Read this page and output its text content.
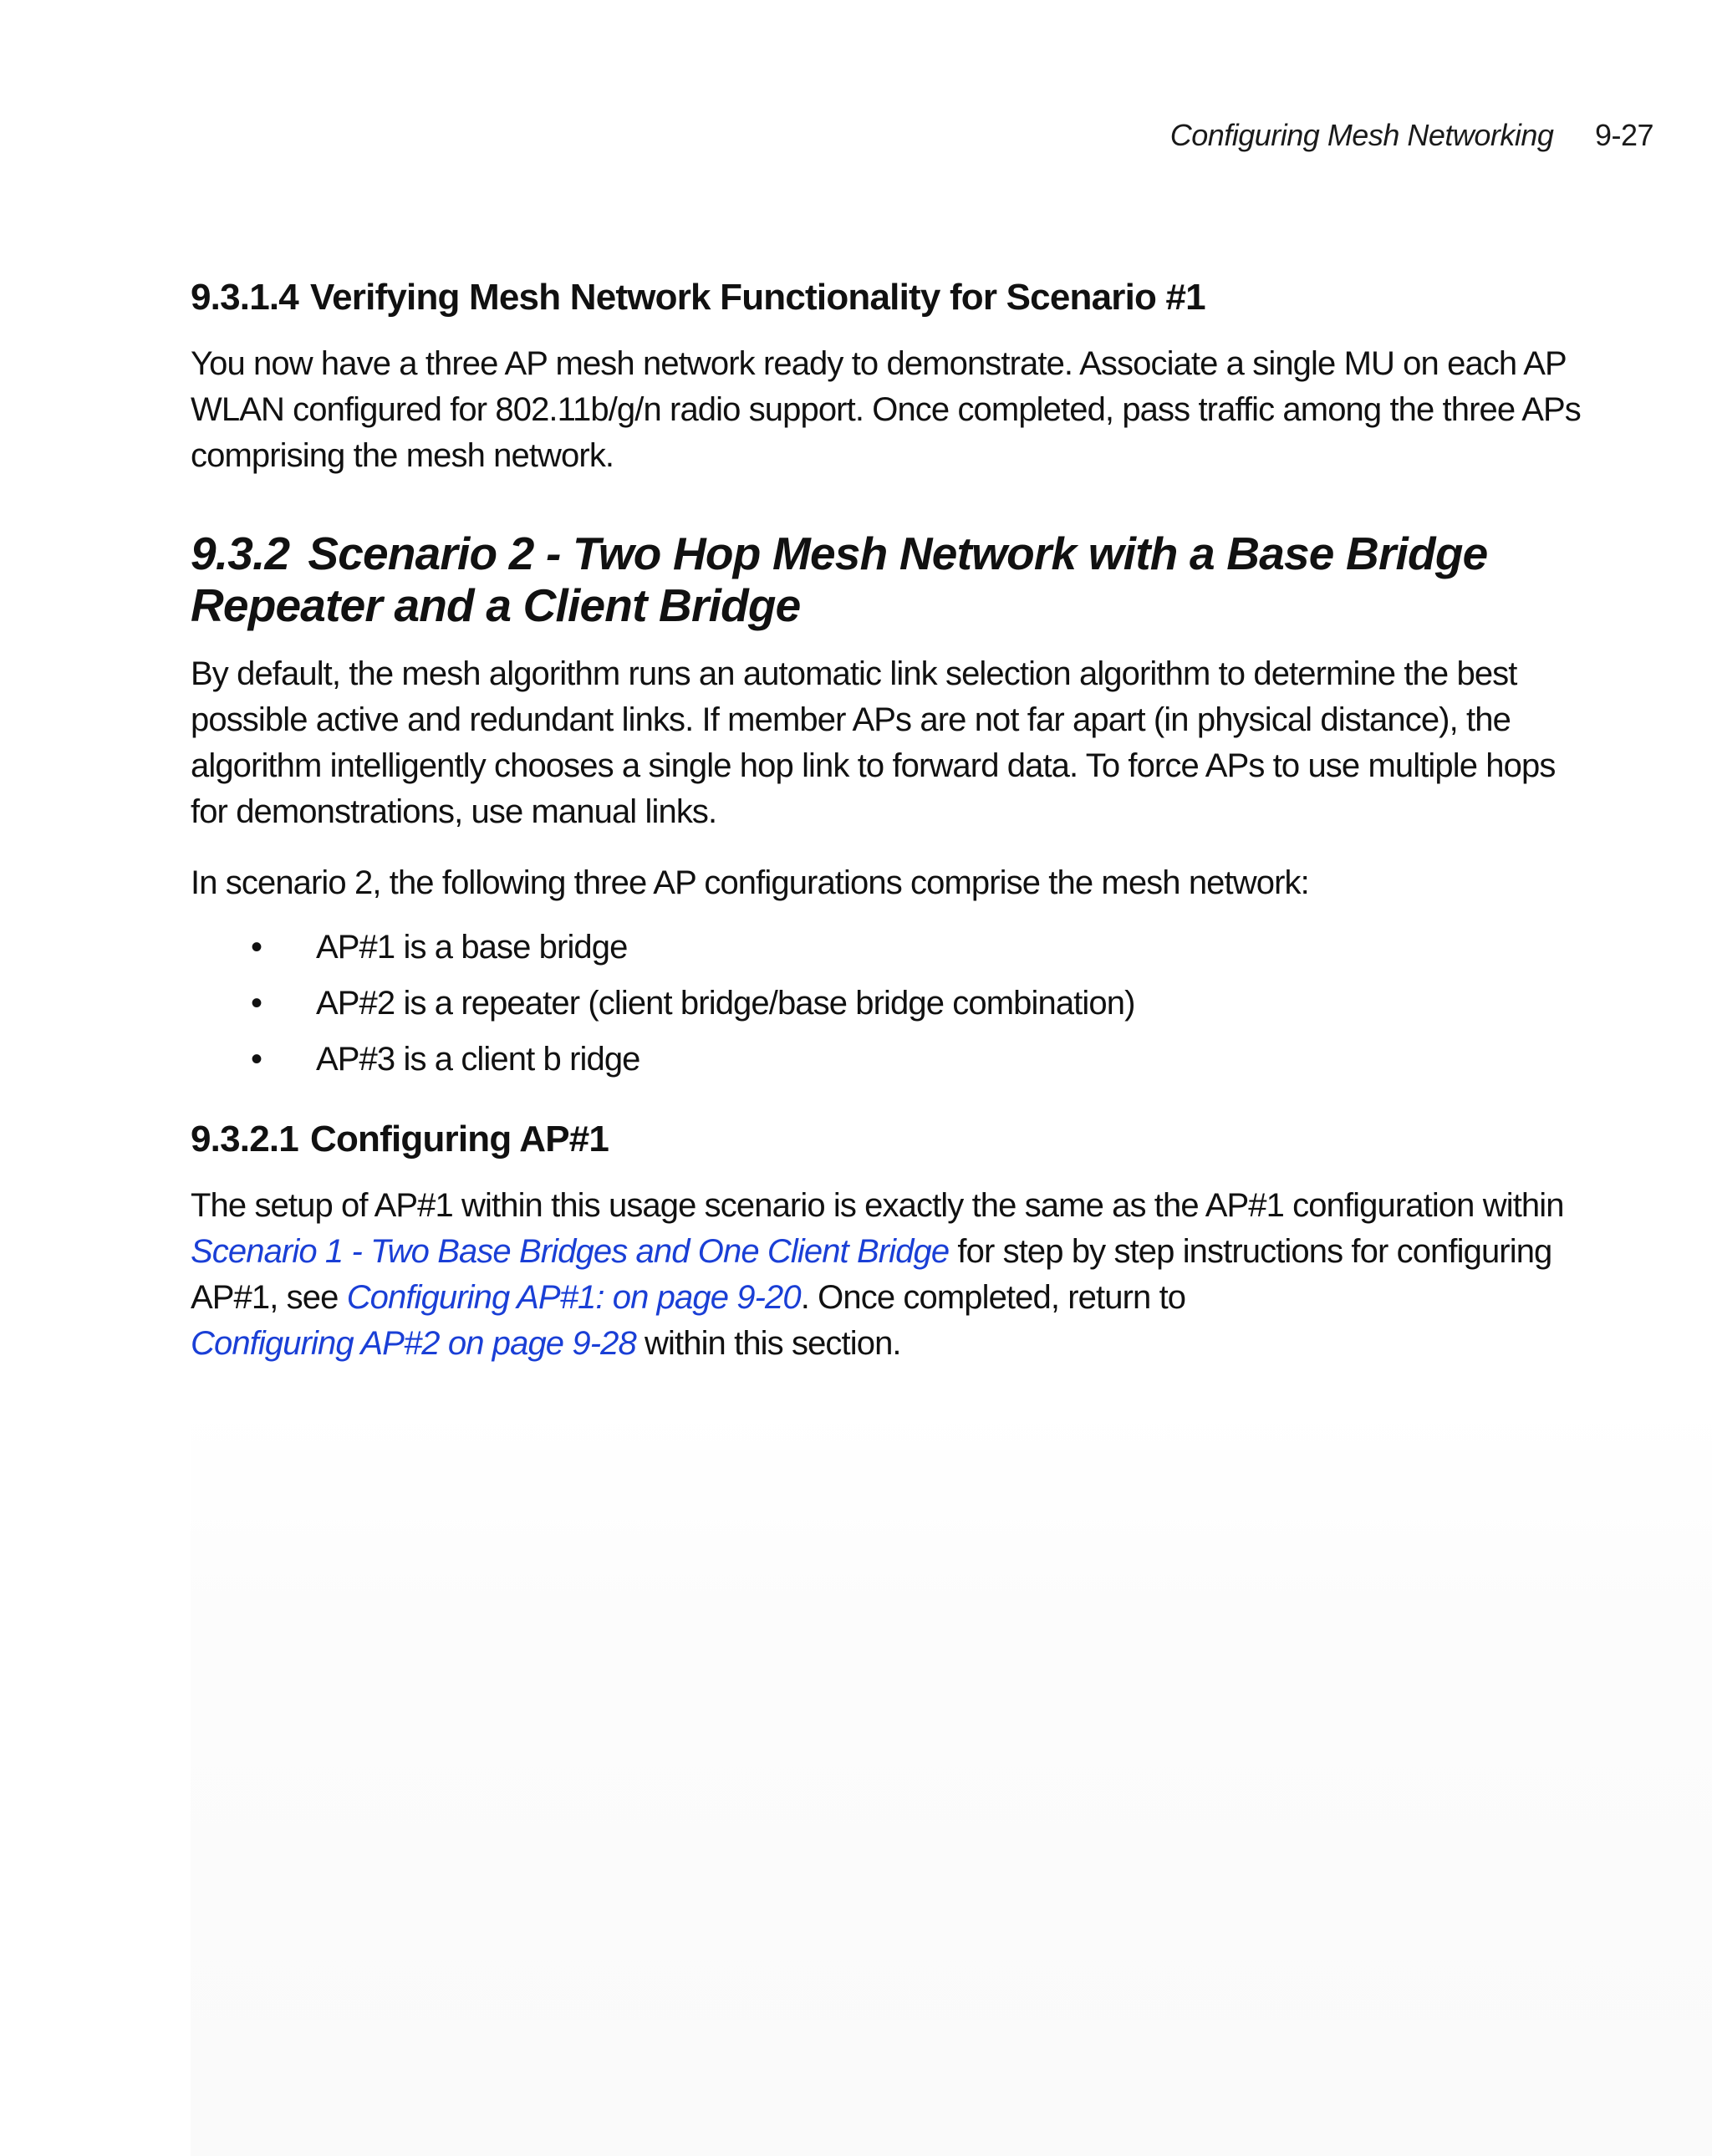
Configuring Mesh Networking 9-27
9.3.1.4 Verifying Mesh Network Functionality for Scenario #1

You now have a three AP mesh network ready to demonstrate. Associate a single MU on each AP WLAN configured for 802.11b/g/n radio support. Once completed, pass traffic among the three APs comprising the mesh network.

9.3.2 Scenario 2 - Two Hop Mesh Network with a Base Bridge
Repeater and a Client Bridge

By default, the mesh algorithm runs an automatic link selection algorithm to determine the best possible active and redundant links. If member APs are not far apart (in physical distance), the algorithm intelligently chooses a single hop link to forward data. To force APs to use multiple hops for demonstrations, use manual links.

In scenario 2, the following three AP configurations comprise the mesh network:

• AP#1 is a base bridge
• AP#2 is a repeater (client bridge/base bridge combination)
• AP#3 is a client b ridge
9.3.2.1 Configuring AP#1

The setup of AP#1 within this usage scenario is exactly the same as the AP#1 configuration within Scenario 1 - Two Base Bridges and One Client Bridge for step by step instructions for configuring AP#1, see Configuring AP#1: on page 9-20. Once completed, return to
Configuring AP#2 on page 9-28 within this section.
